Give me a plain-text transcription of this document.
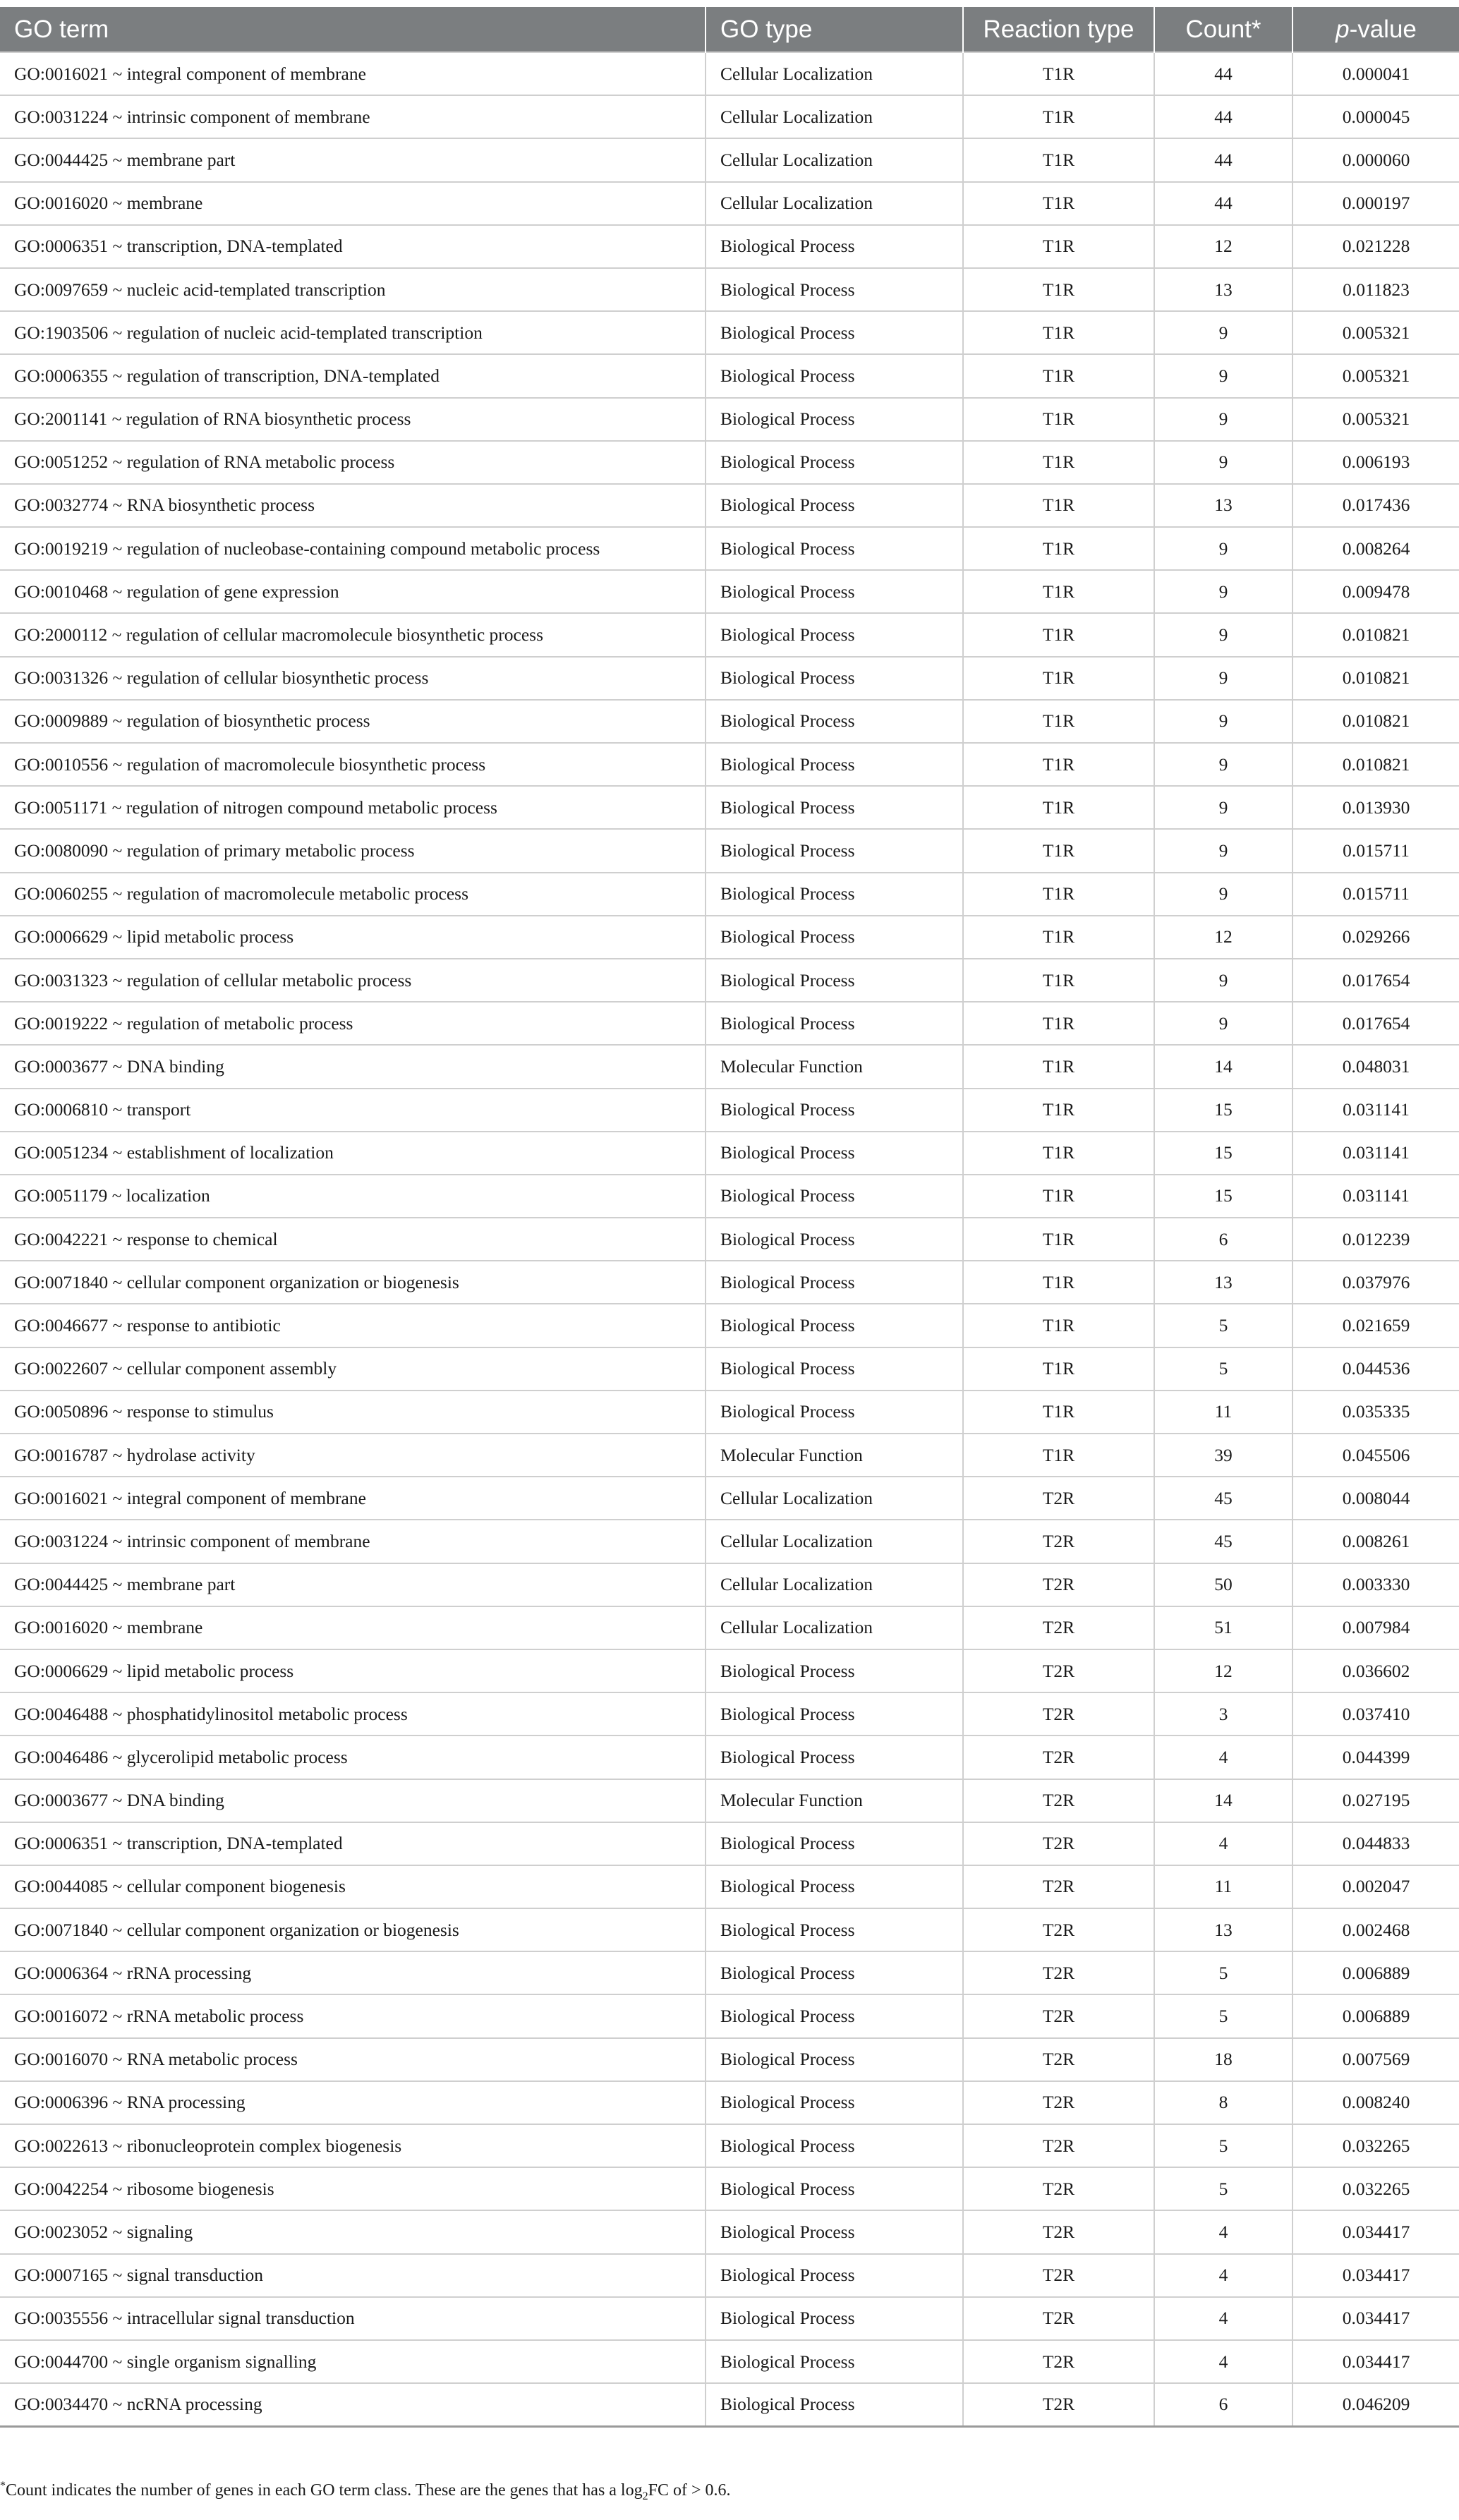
GO term	GO type	Reaction type	Count*	p-value
GO:0016021 ~ integral component of membrane	Cellular Localization	T1R	44	0.000041
GO:0031224 ~ intrinsic component of membrane	Cellular Localization	T1R	44	0.000045
GO:0044425 ~ membrane part	Cellular Localization	T1R	44	0.000060
GO:0016020 ~ membrane	Cellular Localization	T1R	44	0.000197
GO:0006351 ~ transcription, DNA-templated	Biological Process	T1R	12	0.021228
GO:0097659 ~ nucleic acid-templated transcription	Biological Process	T1R	13	0.011823
GO:1903506 ~ regulation of nucleic acid-templated transcription	Biological Process	T1R	9	0.005321
GO:0006355 ~ regulation of transcription, DNA-templated	Biological Process	T1R	9	0.005321
GO:2001141 ~ regulation of RNA biosynthetic process	Biological Process	T1R	9	0.005321
GO:0051252 ~ regulation of RNA metabolic process	Biological Process	T1R	9	0.006193
GO:0032774 ~ RNA biosynthetic process	Biological Process	T1R	13	0.017436
GO:0019219 ~ regulation of nucleobase-containing compound metabolic process	Biological Process	T1R	9	0.008264
GO:0010468 ~ regulation of gene expression	Biological Process	T1R	9	0.009478
GO:2000112 ~ regulation of cellular macromolecule biosynthetic process	Biological Process	T1R	9	0.010821
GO:0031326 ~ regulation of cellular biosynthetic process	Biological Process	T1R	9	0.010821
GO:0009889 ~ regulation of biosynthetic process	Biological Process	T1R	9	0.010821
GO:0010556 ~ regulation of macromolecule biosynthetic process	Biological Process	T1R	9	0.010821
GO:0051171 ~ regulation of nitrogen compound metabolic process	Biological Process	T1R	9	0.013930
GO:0080090 ~ regulation of primary metabolic process	Biological Process	T1R	9	0.015711
GO:0060255 ~ regulation of macromolecule metabolic process	Biological Process	T1R	9	0.015711
GO:0006629 ~ lipid metabolic process	Biological Process	T1R	12	0.029266
GO:0031323 ~ regulation of cellular metabolic process	Biological Process	T1R	9	0.017654
GO:0019222 ~ regulation of metabolic process	Biological Process	T1R	9	0.017654
GO:0003677 ~ DNA binding	Molecular Function	T1R	14	0.048031
GO:0006810 ~ transport	Biological Process	T1R	15	0.031141
GO:0051234 ~ establishment of localization	Biological Process	T1R	15	0.031141
GO:0051179 ~ localization	Biological Process	T1R	15	0.031141
GO:0042221 ~ response to chemical	Biological Process	T1R	6	0.012239
GO:0071840 ~ cellular component organization or biogenesis	Biological Process	T1R	13	0.037976
GO:0046677 ~ response to antibiotic	Biological Process	T1R	5	0.021659
GO:0022607 ~ cellular component assembly	Biological Process	T1R	5	0.044536
GO:0050896 ~ response to stimulus	Biological Process	T1R	11	0.035335
GO:0016787 ~ hydrolase activity	Molecular Function	T1R	39	0.045506
GO:0016021 ~ integral component of membrane	Cellular Localization	T2R	45	0.008044
GO:0031224 ~ intrinsic component of membrane	Cellular Localization	T2R	45	0.008261
GO:0044425 ~ membrane part	Cellular Localization	T2R	50	0.003330
GO:0016020 ~ membrane	Cellular Localization	T2R	51	0.007984
GO:0006629 ~ lipid metabolic process	Biological Process	T2R	12	0.036602
GO:0046488 ~ phosphatidylinositol metabolic process	Biological Process	T2R	3	0.037410
GO:0046486 ~ glycerolipid metabolic process	Biological Process	T2R	4	0.044399
GO:0003677 ~ DNA binding	Molecular Function	T2R	14	0.027195
GO:0006351 ~ transcription, DNA-templated	Biological Process	T2R	4	0.044833
GO:0044085 ~ cellular component biogenesis	Biological Process	T2R	11	0.002047
GO:0071840 ~ cellular component organization or biogenesis	Biological Process	T2R	13	0.002468
GO:0006364 ~ rRNA processing	Biological Process	T2R	5	0.006889
GO:0016072 ~ rRNA metabolic process	Biological Process	T2R	5	0.006889
GO:0016070 ~ RNA metabolic process	Biological Process	T2R	18	0.007569
GO:0006396 ~ RNA processing	Biological Process	T2R	8	0.008240
GO:0022613 ~ ribonucleoprotein complex biogenesis	Biological Process	T2R	5	0.032265
GO:0042254 ~ ribosome biogenesis	Biological Process	T2R	5	0.032265
GO:0023052 ~ signaling	Biological Process	T2R	4	0.034417
GO:0007165 ~ signal transduction	Biological Process	T2R	4	0.034417
GO:0035556 ~ intracellular signal transduction	Biological Process	T2R	4	0.034417
GO:0044700 ~ single organism signalling	Biological Process	T2R	4	0.034417
GO:0034470 ~ ncRNA processing	Biological Process	T2R	6	0.046209
*Count indicates the number of genes in each GO term class. These are the genes that has a $\log_2FC$ of > 0.6.
